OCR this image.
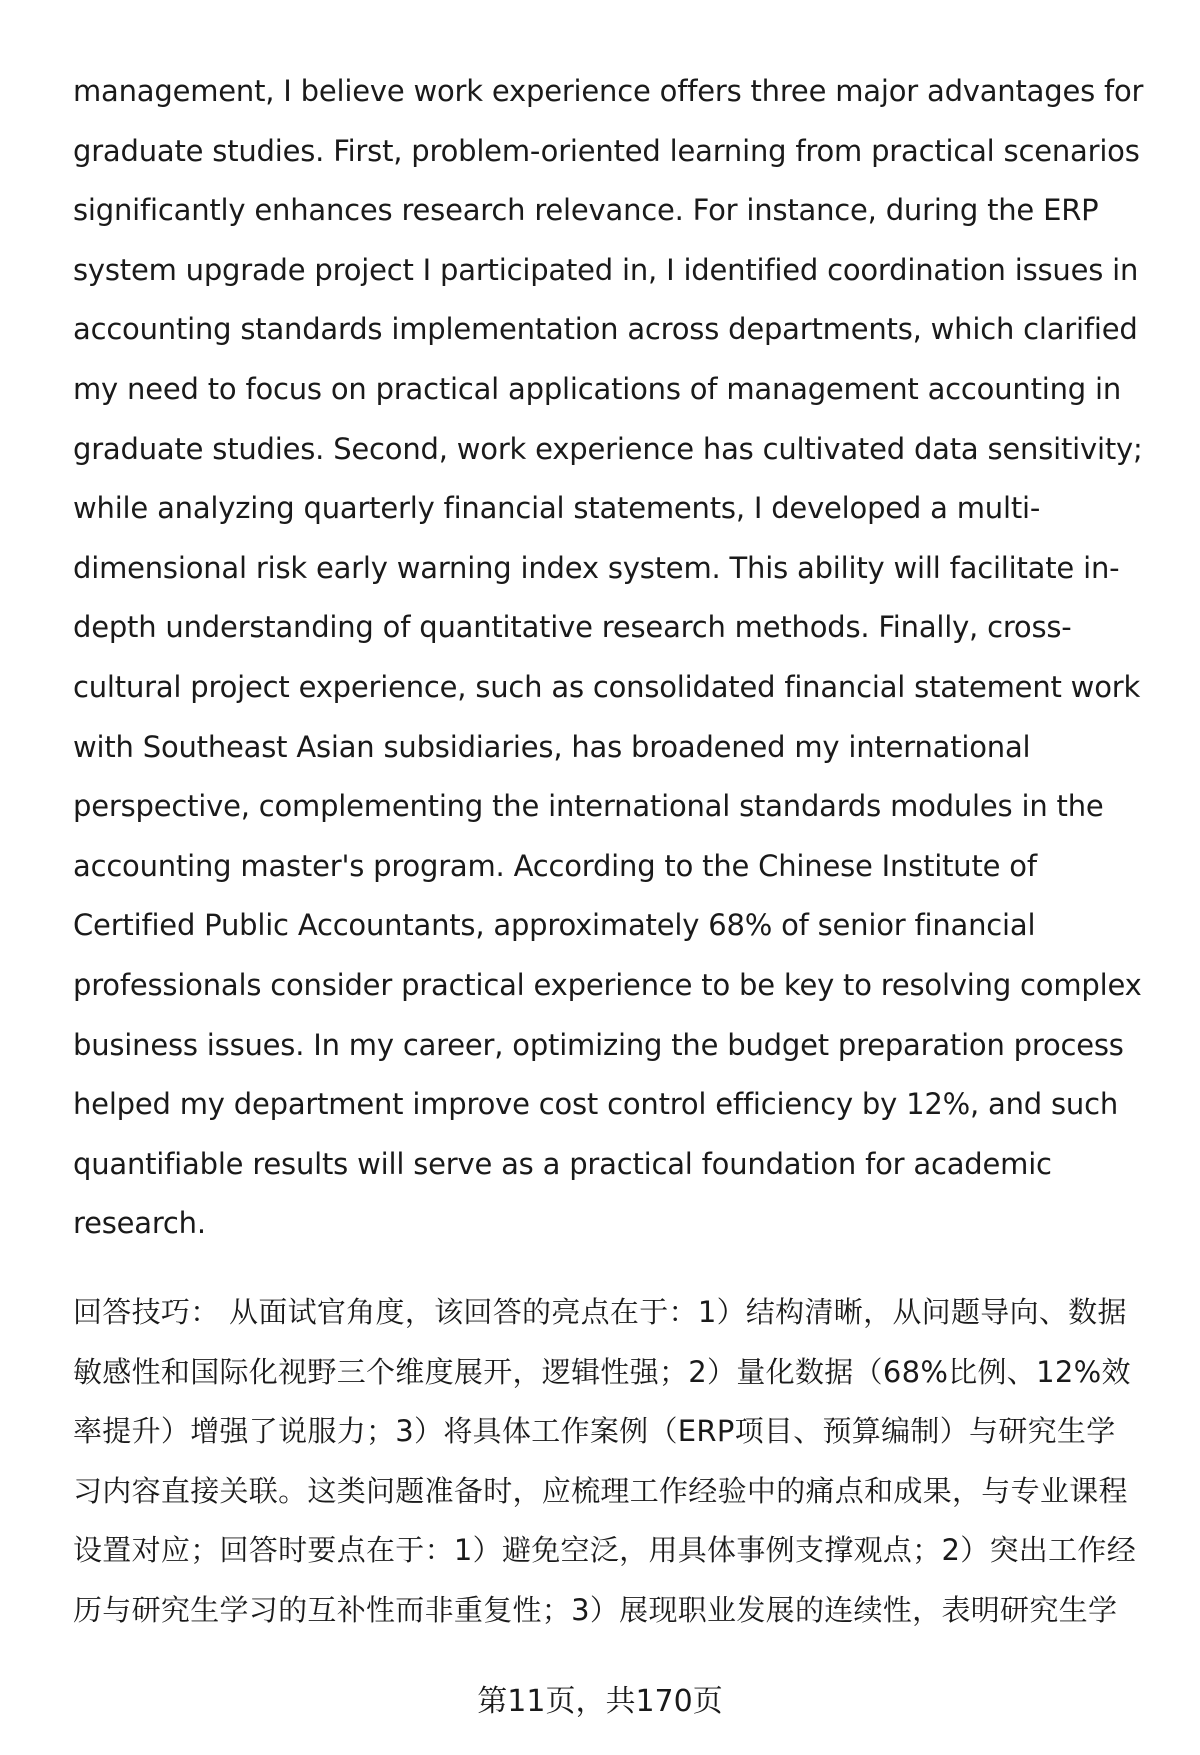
management, I believe work experience offers three major advantages for
graduate studies. First, problem-oriented learning from practical scenarios
significantly enhances research relevance. For instance, during the ERP
system upgrade project I participated in, I identified coordination issues in
accounting standards implementation across departments, which clarified
my need to focus on practical applications of management accounting in
graduate studies. Second, work experience has cultivated data sensitivity;
while analyzing quarterly financial statements, I developed a multi-
dimensional risk early warning index system. This ability will facilitate in-
depth understanding of quantitative research methods. Finally, cross-
cultural project experience, such as consolidated financial statement work
with Southeast Asian subsidiaries, has broadened my international
perspective, complementing the international standards modules in the
accounting master's program. According to the Chinese Institute of
Certified Public Accountants, approximately 68% of senior financial
professionals consider practical experience to be key to resolving complex
business issues. In my career, optimizing the budget preparation process
helped my department improve cost control efficiency by 12%, and such
quantifiable results will serve as a practical foundation for academic
research.
回答技巧： 从面试官角度，该回答的亮点在于：1）结构清晰，从问题导向、数据
敏感性和国际化视野三个维度展开，逻辑性强；2）量化数据（68%比例、12%效
率提升）增强了说服力；3）将具体工作案例（ERP项目、预算编制）与研究生学
习内容直接关联。这类问题准备时，应梳理工作经验中的痛点和成果，与专业课程
设置对应；回答时要点在于：1）避免空泛，用具体事例支撑观点；2）突出工作经
历与研究生学习的互补性而非重复性；3）展现职业发展的连续性，表明研究生学
第11页，共170页
